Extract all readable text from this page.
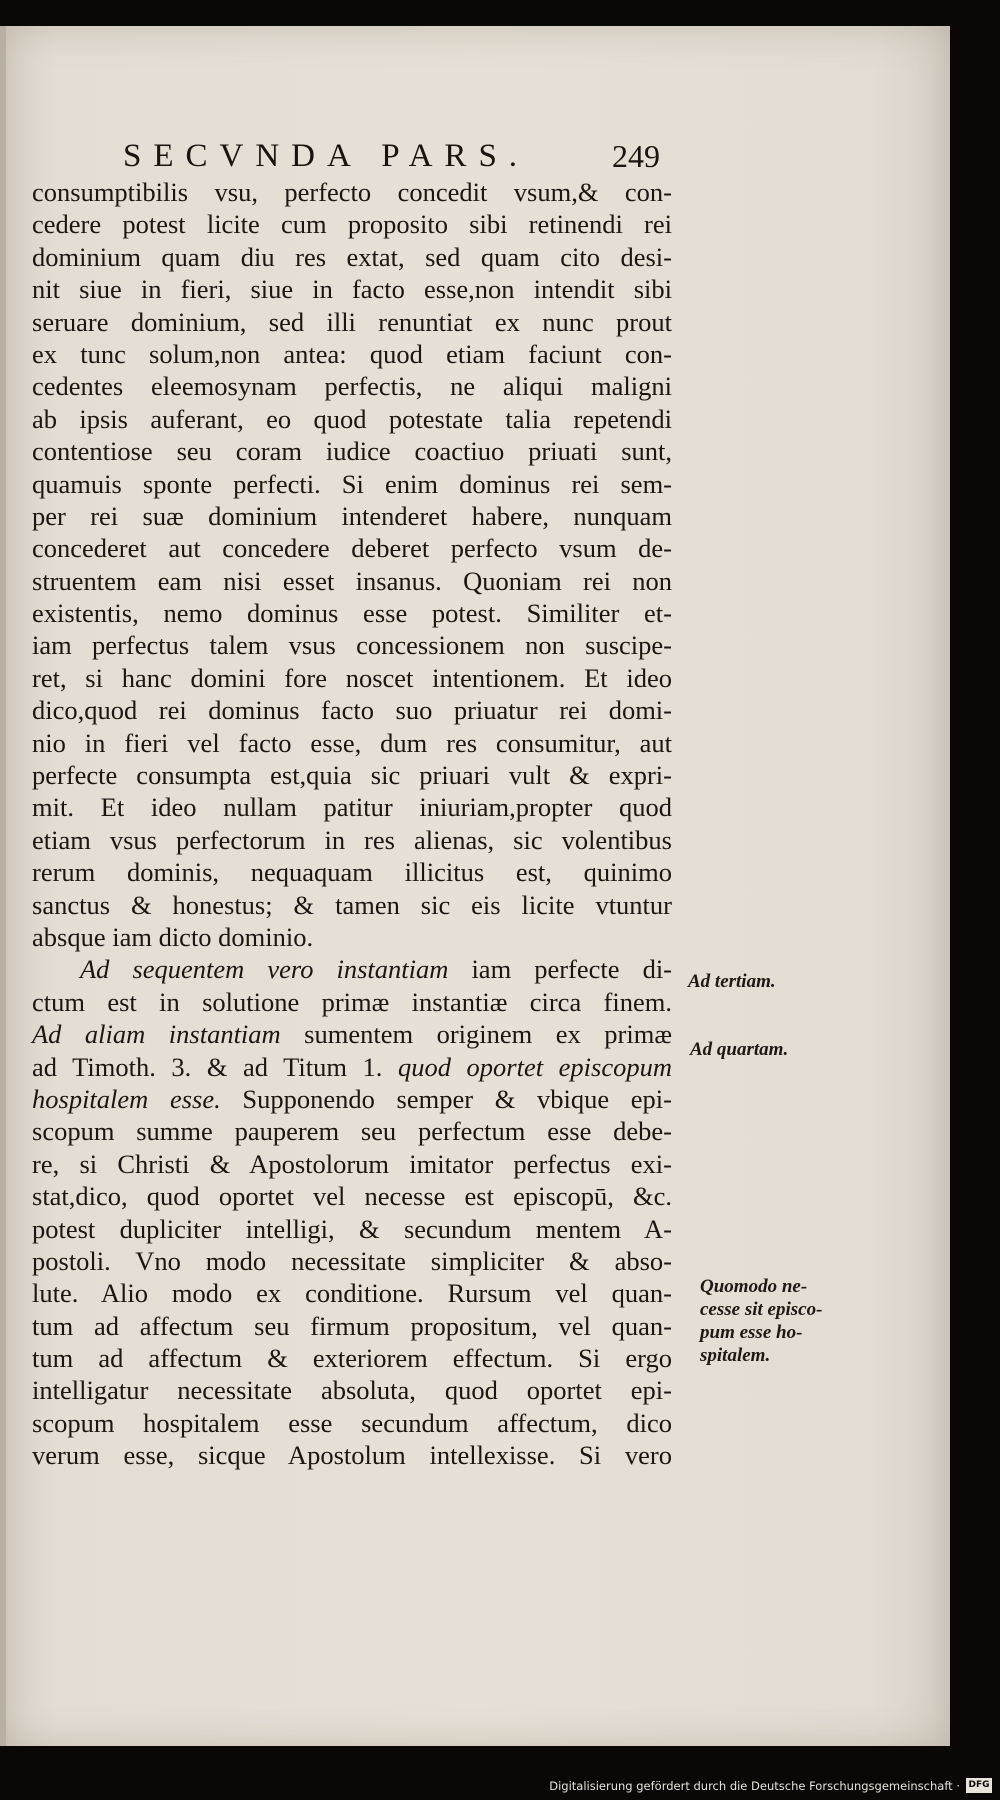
SECVNDA PARS.	249
consumptibilis vsu, perfecto concedit vsum,& con-
cedere potest licite cum proposito sibi retinendi rei
dominium quam diu res extat, sed quam cito desi-
nit siue in fieri, siue in facto esse,non intendit sibi
seruare dominium, sed illi renuntiat ex nunc prout
ex tunc solum,non antea: quod etiam faciunt con-
cedentes eleemosynam perfectis, ne aliqui maligni
ab ipsis auferant, eo quod potestate talia repetendi
contentiose seu coram iudice coactiuo priuati sunt,
quamuis sponte perfecti. Si enim dominus rei sem-
per rei suæ dominium intenderet habere, nunquam
concederet aut concedere deberet perfecto vsum de-
struentem eam nisi esset insanus. Quoniam rei non
existentis, nemo dominus esse potest. Similiter et-
iam perfectus talem vsus concessionem non suscipe-
ret, si hanc domini fore noscet intentionem. Et ideo
dico,quod rei dominus facto suo priuatur rei domi-
nio in fieri vel facto esse, dum res consumitur, aut
perfecte consumpta est,quia sic priuari vult & expri-
mit. Et ideo nullam patitur iniuriam,propter quod
etiam vsus perfectorum in res alienas, sic volentibus
rerum dominis, nequaquam illicitus est, quinimo
sanctus & honestus; & tamen sic eis licite vtuntur
absque iam dicto dominio.
Ad sequentem vero instantiam iam perfecte di-
ctum est in solutione primæ instantiæ circa finem.
Ad aliam instantiam sumentem originem ex primæ
ad Timoth. 3. & ad Titum 1. quod oportet episcopum
hospitalem esse. Supponendo semper & vbique epi-
scopum summe pauperem seu perfectum esse debe-
re, si Christi & Apostolorum imitator perfectus exi-
stat,dico, quod oportet vel necesse est episcopū, &c.
potest dupliciter intelligi, & secundum mentem A-
postoli. Vno modo necessitate simpliciter & abso-
lute. Alio modo ex conditione. Rursum vel quan-
tum ad affectum seu firmum propositum, vel quan-
tum ad affectum & exteriorem effectum. Si ergo
intelligatur necessitate absoluta, quod oportet epi-
scopum hospitalem esse secundum affectum, dico
verum esse, sicque Apostolum intellexisse. Si vero
Ad tertiam.
Ad quartam.
Quomodo ne-
cesse sit episco-
pum esse ho-
spitalem.
Digitalisierung gefördert durch die Deutsche Forschungsgemeinschaft · DFG
